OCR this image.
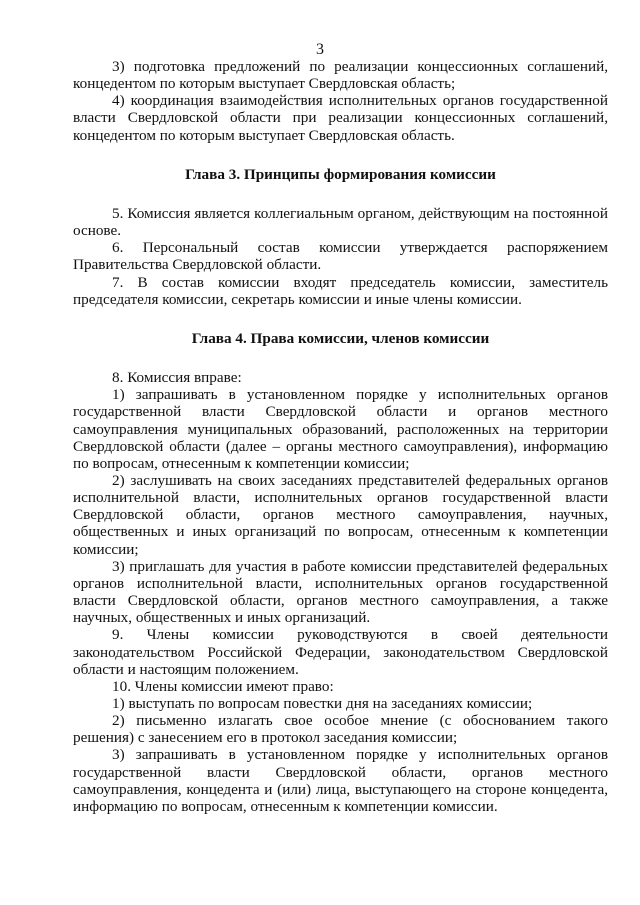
3

3) подготовка предложений по реализации концессионных соглашений, концедентом по которым выступает Свердловская область;

4) координация взаимодействия исполнительных органов государственной власти Свердловской области при реализации концессионных соглашений, концедентом по которым выступает Свердловская область.

Глава 3. Принципы формирования комиссии

5. Комиссия является коллегиальным органом, действующим на постоянной основе.

6. Персональный состав комиссии утверждается распоряжением Правительства Свердловской области.

7. В состав комиссии входят председатель комиссии, заместитель председателя комиссии, секретарь комиссии и иные члены комиссии.

Глава 4. Права комиссии, членов комиссии

8. Комиссия вправе:

1) запрашивать в установленном порядке у исполнительных органов государственной власти Свердловской области и органов местного самоуправления муниципальных образований, расположенных на территории Свердловской области (далее – органы местного самоуправления), информацию по вопросам, отнесенным к компетенции комиссии;

2) заслушивать на своих заседаниях представителей федеральных органов исполнительной власти, исполнительных органов государственной власти Свердловской области, органов местного самоуправления, научных, общественных и иных организаций по вопросам, отнесенным к компетенции комиссии;

3) приглашать для участия в работе комиссии представителей федеральных органов исполнительной власти, исполнительных органов государственной власти Свердловской области, органов местного самоуправления, а также научных, общественных и иных организаций.

9. Члены комиссии руководствуются в своей деятельности законодательством Российской Федерации, законодательством Свердловской области и настоящим положением.

10. Члены комиссии имеют право:

1) выступать по вопросам повестки дня на заседаниях комиссии;

2) письменно излагать свое особое мнение (с обоснованием такого решения) с занесением его в протокол заседания комиссии;

3) запрашивать в установленном порядке у исполнительных органов государственной власти Свердловской области, органов местного самоуправления, концедента и (или) лица, выступающего на стороне концедента, информацию по вопросам, отнесенным к компетенции комиссии.
